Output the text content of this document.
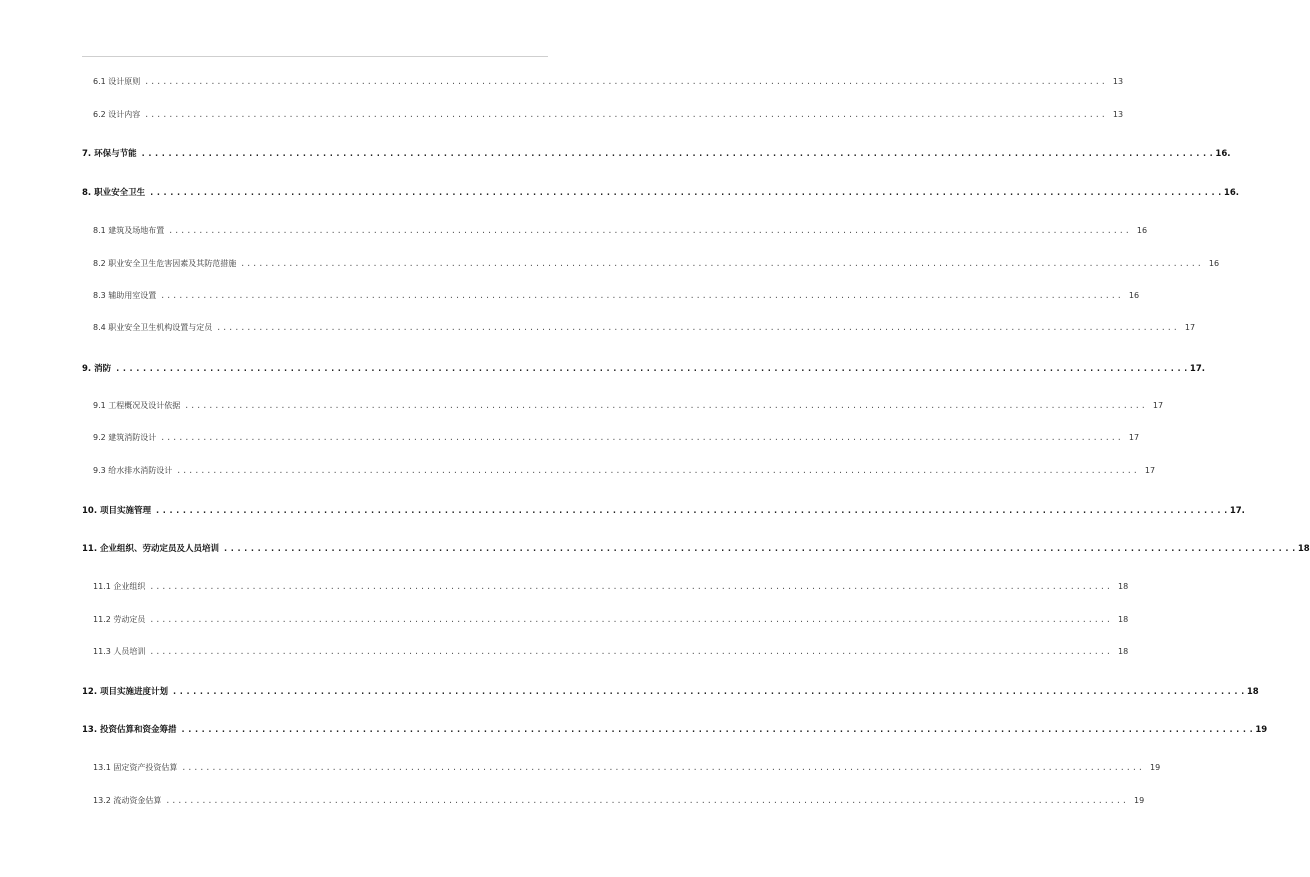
6.1 设计原则 ................................................................................................................................................................ 13
6.2 设计内容 ................................................................................................................................................................ 13
7. 环保与节能 ................................................................................................................................................................ 16.
8. 职业安全卫生 ................................................................................................................................................................ 16.
8.1 建筑及场地布置 ................................................................................................................................................................ 16
8.2 职业安全卫生危害因素及其防范措施 ................................................................................................................................................................ 16
8.3 辅助用室设置 ................................................................................................................................................................ 16
8.4 职业安全卫生机构设置与定员 ................................................................................................................................................................ 17
9. 消防 ................................................................................................................................................................ 17.
9.1 工程概况及设计依据 ................................................................................................................................................................ 17
9.2 建筑消防设计 ................................................................................................................................................................ 17
9.3 给水排水消防设计 ................................................................................................................................................................ 17
10. 项目实施管理 ................................................................................................................................................................ 17.
11. 企业组织、劳动定员及人员培训 ................................................................................................................................................................ 18
11.1 企业组织 ................................................................................................................................................................ 18
11.2 劳动定员 ................................................................................................................................................................ 18
11.3 人员培训 ................................................................................................................................................................ 18
12. 项目实施进度计划 ................................................................................................................................................................ 18
13. 投资估算和资金筹措 ................................................................................................................................................................ 19
13.1 固定资产投资估算 ................................................................................................................................................................ 19
13.2 流动资金估算 ................................................................................................................................................................ 19
